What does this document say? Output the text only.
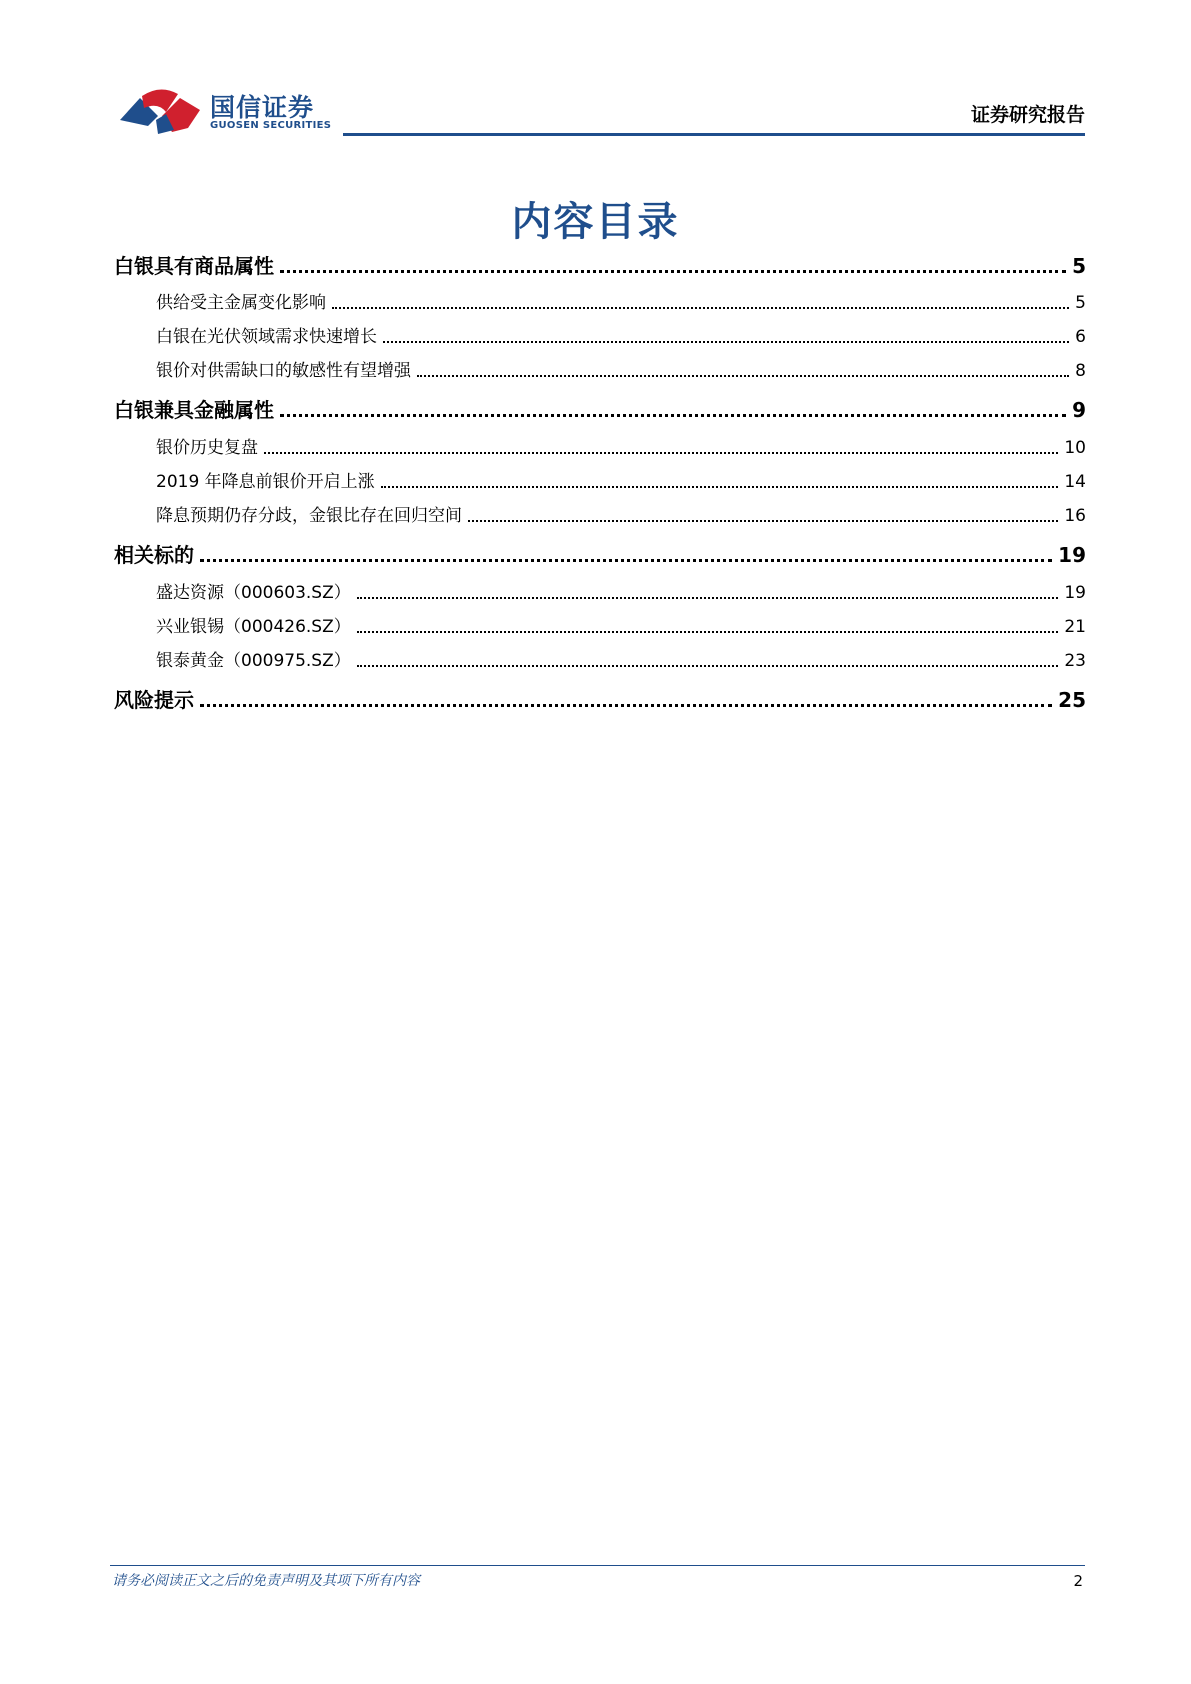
国信证券
GUOSEN SECURITIES	证券研究报告
内容目录
白银具有商品属性	5
供给受主金属变化影响	5
白银在光伏领域需求快速增长	6
银价对供需缺口的敏感性有望增强	8
白银兼具金融属性	9
银价历史复盘	10
2019 年降息前银价开启上涨	14
降息预期仍存分歧，金银比存在回归空间	16
相关标的	19
盛达资源（000603.SZ）	19
兴业银锡（000426.SZ）	21
银泰黄金（000975.SZ）	23
风险提示	25
请务必阅读正文之后的免责声明及其项下所有内容	2
